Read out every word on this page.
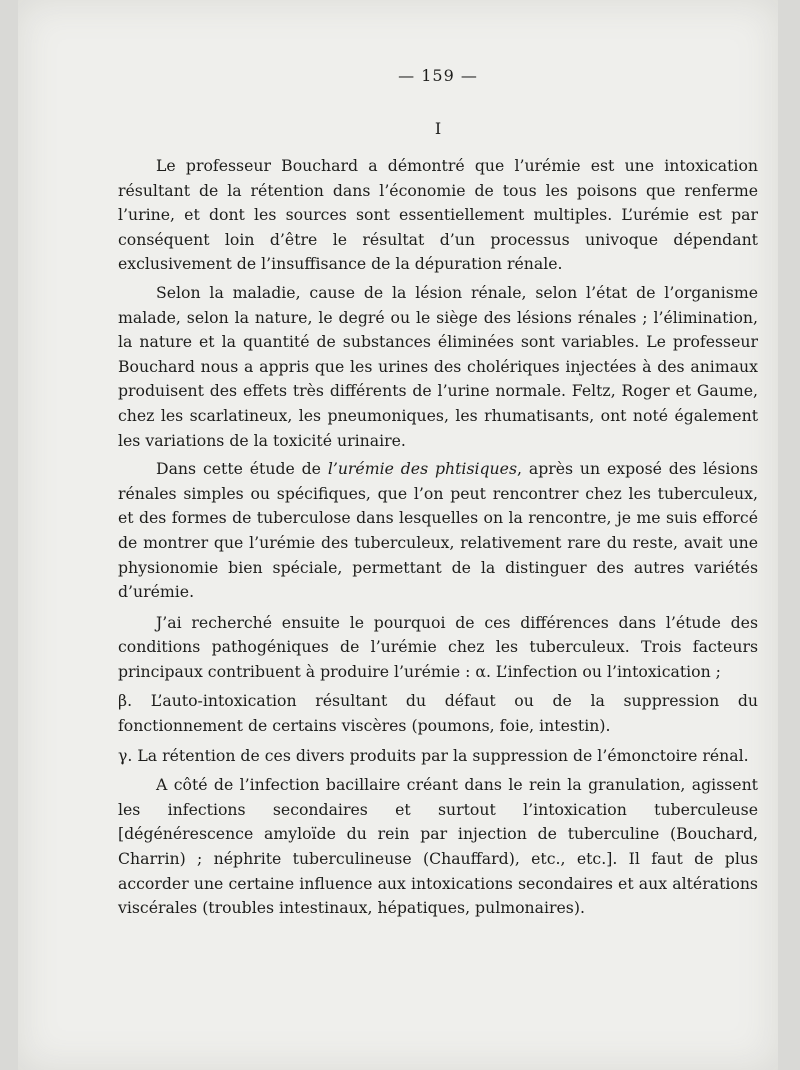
— 159 —
I

Le professeur Bouchard a démontré que l’urémie est une intoxication résultant de la rétention dans l’économie de tous les poisons que renferme l’urine, et dont les sources sont essentiellement multiples. L’urémie est par conséquent loin d’être le résultat d’un processus univoque dépendant exclusivement de l’insuffisance de la dépuration rénale.

Selon la maladie, cause de la lésion rénale, selon l’état de l’organisme malade, selon la nature, le degré ou le siège des lésions rénales ; l’élimination, la nature et la quantité de substances éliminées sont variables. Le professeur Bouchard nous a appris que les urines des cholériques injectées à des animaux produisent des effets très différents de l’urine normale. Feltz, Roger et Gaume, chez les scarlatineux, les pneumoniques, les rhumatisants, ont noté également les variations de la toxicité urinaire.

Dans cette étude de l’urémie des phtisiques, après un exposé des lésions rénales simples ou spécifiques, que l’on peut rencontrer chez les tuberculeux, et des formes de tuberculose dans lesquelles on la rencontre, je me suis efforcé de montrer que l’urémie des tuberculeux, relativement rare du reste, avait une physionomie bien spéciale, permettant de la distinguer des autres variétés d’urémie.

J’ai recherché ensuite le pourquoi de ces différences dans l’étude des conditions pathogéniques de l’urémie chez les tuberculeux. Trois facteurs principaux contribuent à produire l’urémie : α. L’infection ou l’intoxication ;

β. L’auto-intoxication résultant du défaut ou de la suppression du fonctionnement de certains viscères (poumons, foie, intestin).

γ. La rétention de ces divers produits par la suppression de l’émonctoire rénal.

A côté de l’infection bacillaire créant dans le rein la granulation, agissent les infections secondaires et surtout l’intoxication tuberculeuse [dégénérescence amyloïde du rein par injection de tuberculine (Bouchard, Charrin) ; néphrite tuberculineuse (Chauffard), etc., etc.]. Il faut de plus accorder une certaine influence aux intoxications secondaires et aux altérations viscérales (troubles intestinaux, hépatiques, pulmonaires).
